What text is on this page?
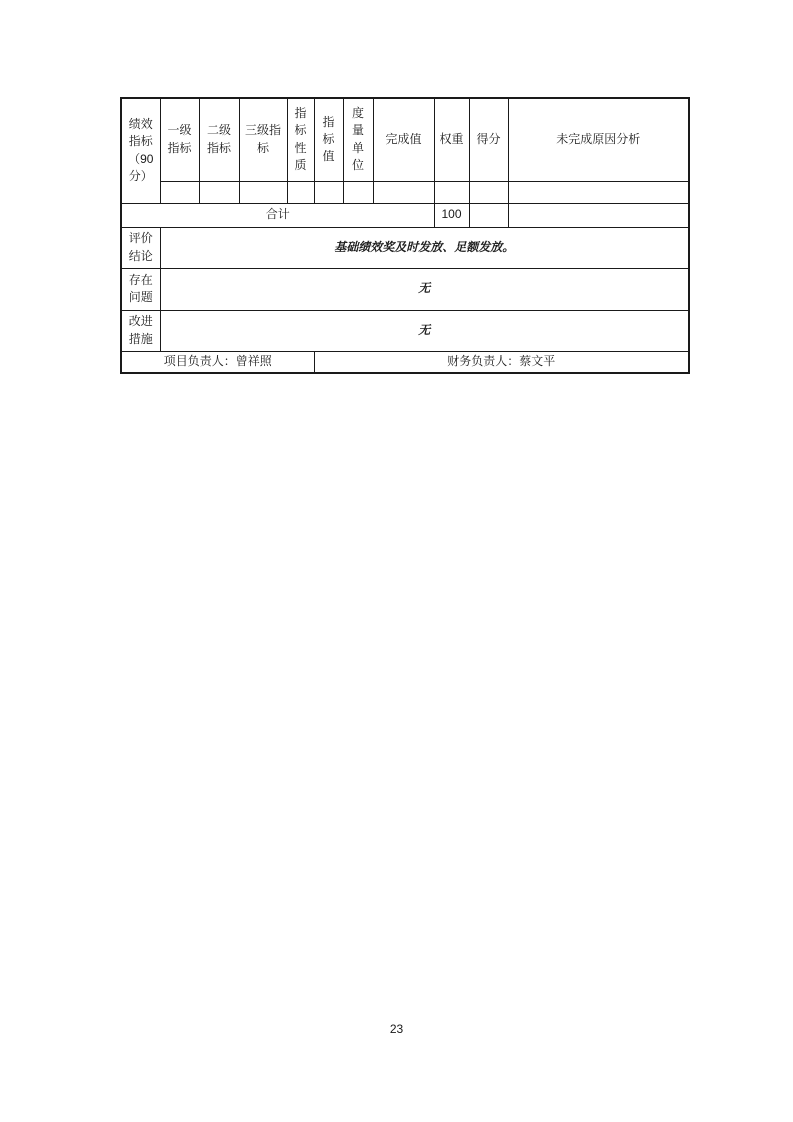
绩效指标（90分）	一级指标	二级指标	三级指标	指标性质	指标值	度量单位	完成值	权重	得分	未完成原因分析

合计								100		
评价结论	基础绩效奖及时发放、足额发放。									
存在问题	无									
改进措施	无									
项目负责人：曾祥照					财务负责人：蔡文平					
23
